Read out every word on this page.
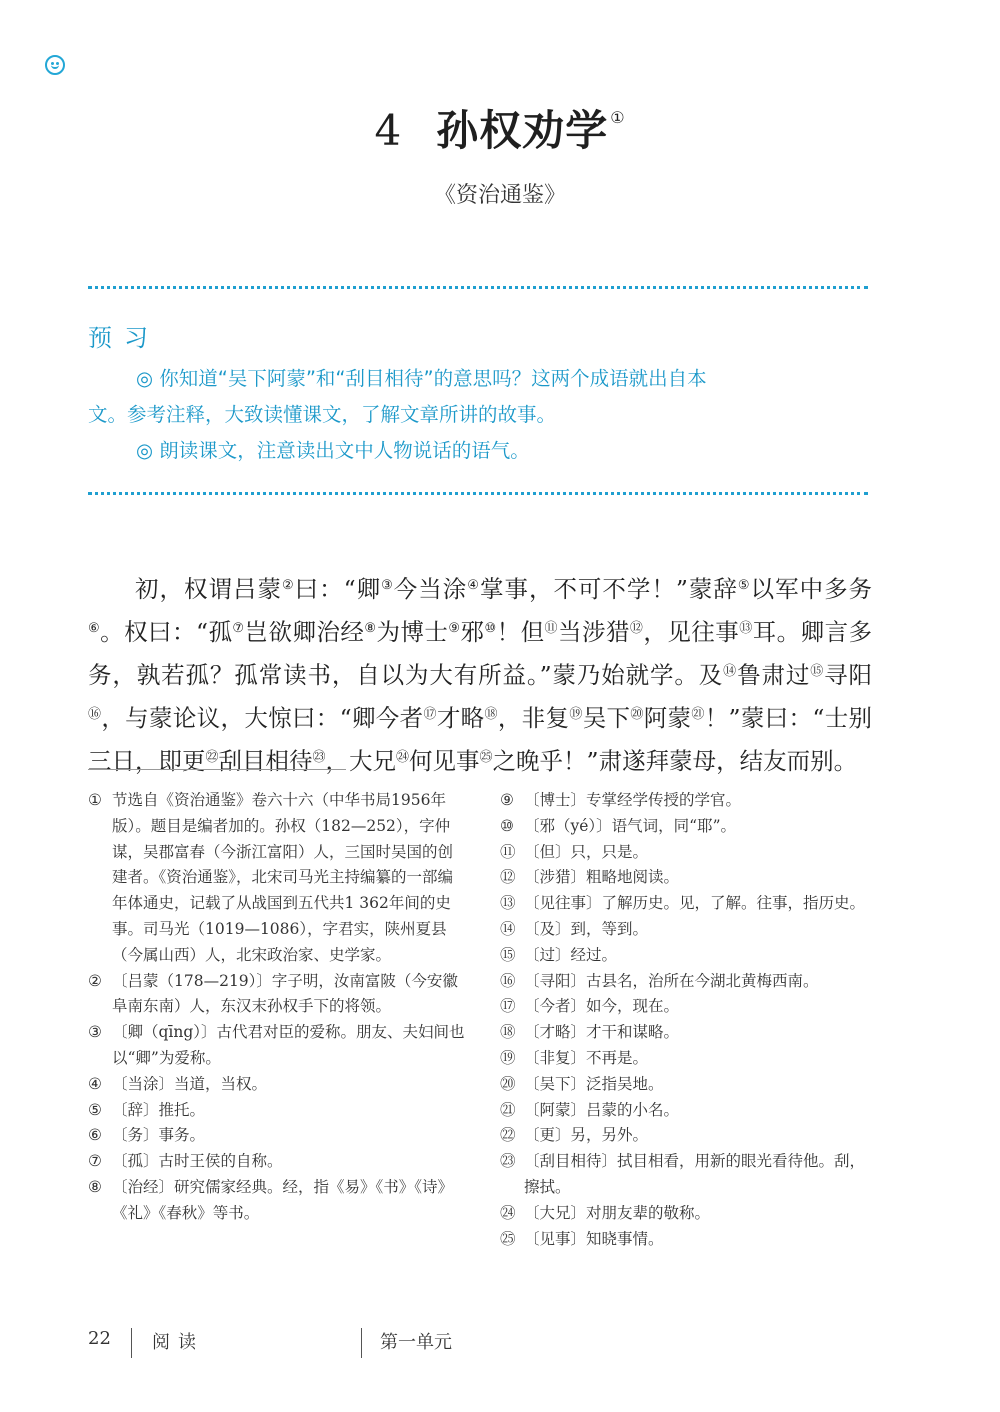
4 孙权劝学 ①
《资治通鉴》
预习

◎ 你知道“吴下阿蒙”和“刮目相待”的意思吗？这两个成语就出自本

文。参考注释，大致读懂课文，了解文章所讲的故事。

◎ 朗读课文，注意读出文中人物说话的语气。

初，权谓吕蒙②曰：“卿③今当涂④掌事，不可不学！”蒙辞⑤以军中多务⑥。权曰：“孤⑦岂欲卿治经⑧为博士⑨邪⑩！但⑪当涉猎⑫，见往事⑬耳。卿言多务，孰若孤？孤常读书，自以为大有所益。”蒙乃始就学。及⑭鲁肃过⑮寻阳⑯，与蒙论议，大惊曰：“卿今者⑰才略⑱，非复⑲吴下⑳阿蒙$^㉑$！”蒙曰：“士别三日，即更$^㉒$刮目相待$^㉓$，大兄$^㉔$何见事$^㉕$之晚乎！”肃遂拜蒙母，结友而别。

① 节选自《资治通鉴》卷六十六（中华书局1956年版）。题目是编者加的。孙权（182—252），字仲谋，吴郡富春（今浙江富阳）人，三国时吴国的创建者。《资治通鉴》，北宋司马光主持编纂的一部编年体通史，记载了从战国到五代共1 362年间的史事。司马光（1019—1086），字君实，陕州夏县（今属山西）人，北宋政治家、史学家。
② 〔吕蒙（178—219）〕字子明，汝南富陂（今安徽阜南东南）人，东汉末孙权手下的将领。
③ 〔卿（qīng）〕古代君对臣的爱称。朋友、夫妇间也以“卿”为爱称。
④ 〔当涂〕当道，当权。
⑤ 〔辞〕推托。
⑥ 〔务〕事务。
⑦ 〔孤〕古时王侯的自称。
⑧ 〔治经〕研究儒家经典。经，指《易》《书》《诗》《礼》《春秋》等书。
⑨ 〔博士〕专掌经学传授的学官。
⑩ 〔邪（yé）〕语气词，同“耶”。
⑪ 〔但〕只，只是。
⑫ 〔涉猎〕粗略地阅读。
⑬ 〔见往事〕了解历史。见，了解。往事，指历史。
⑭ 〔及〕到，等到。
⑮ 〔过〕经过。
⑯ 〔寻阳〕古县名，治所在今湖北黄梅西南。
⑰ 〔今者〕如今，现在。
⑱ 〔才略〕才干和谋略。
⑲ 〔非复〕不再是。
⑳ 〔吴下〕泛指吴地。
㉑ 〔阿蒙〕吕蒙的小名。
㉒ 〔更〕另，另外。
㉓ 〔刮目相待〕拭目相看，用新的眼光看待他。刮，擦拭。
㉔ 〔大兄〕对朋友辈的敬称。
㉕ 〔见事〕知晓事情。
22 阅读	第一单元
